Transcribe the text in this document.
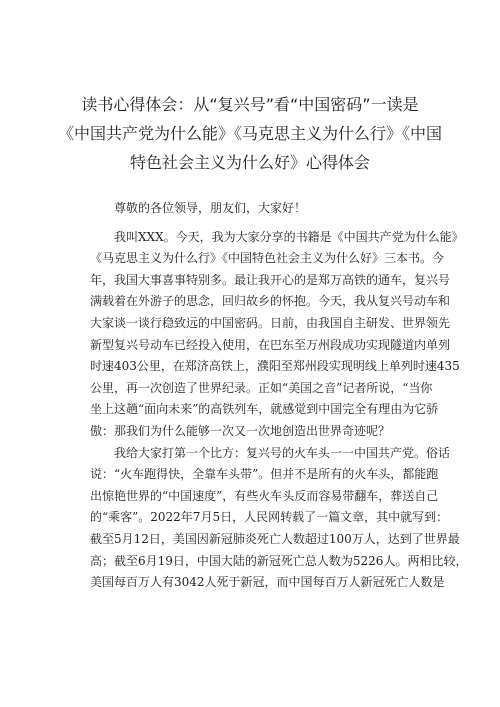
读书心得体会：从“复兴号”看“中国密码”一读是
《中国共产党为什么能》《马克思主义为什么行》《中国
特色社会主义为什么好》心得体会

尊敬的各位领导，朋友们，大家好！

我叫XXX。今天，我为大家分享的书籍是《中国共产党为什么能》
《马克思主义为什么行》《中国特色社会主义为什么好》三本书。今
年，我国大事喜事特别多。最让我开心的是郑万高铁的通车，复兴号
满载着在外游子的思念，回归故乡的怀抱。今天，我从复兴号动车和
大家谈一谈行稳致远的中国密码。日前，由我国自主研发、世界领先
新型复兴号动车已经投入使用，在巴东至万州段成功实现隧道内单列
时速403公里，在郑济高铁上，濮阳至郑州段实现明线上单列时速435
公里，再一次创造了世界纪录。正如“美国之音”记者所说，“当你
坐上这趟“面向未来”的高铁列车，就感觉到中国完全有理由为它骄
傲：那我们为什么能够一次又一次地创造出世界奇迹呢？

我给大家打第一个比方：复兴号的火车头一一中国共产党。俗话
说：“火车跑得快，全靠车头带”。但并不是所有的火车头，都能跑
出惊艳世界的“中国速度”，有些火车头反而容易带翻车，葬送自己
的“乘客”。2022年7月5日，人民网转载了一篇文章，其中就写到：
截至5月12日，美国因新冠肺炎死亡人数超过100万人，达到了世界最
高；截至6月19日，中国大陆的新冠死亡总人数为5226人。两相比较，
美国每百万人有3042人死于新冠，而中国每百万人新冠死亡人数是
